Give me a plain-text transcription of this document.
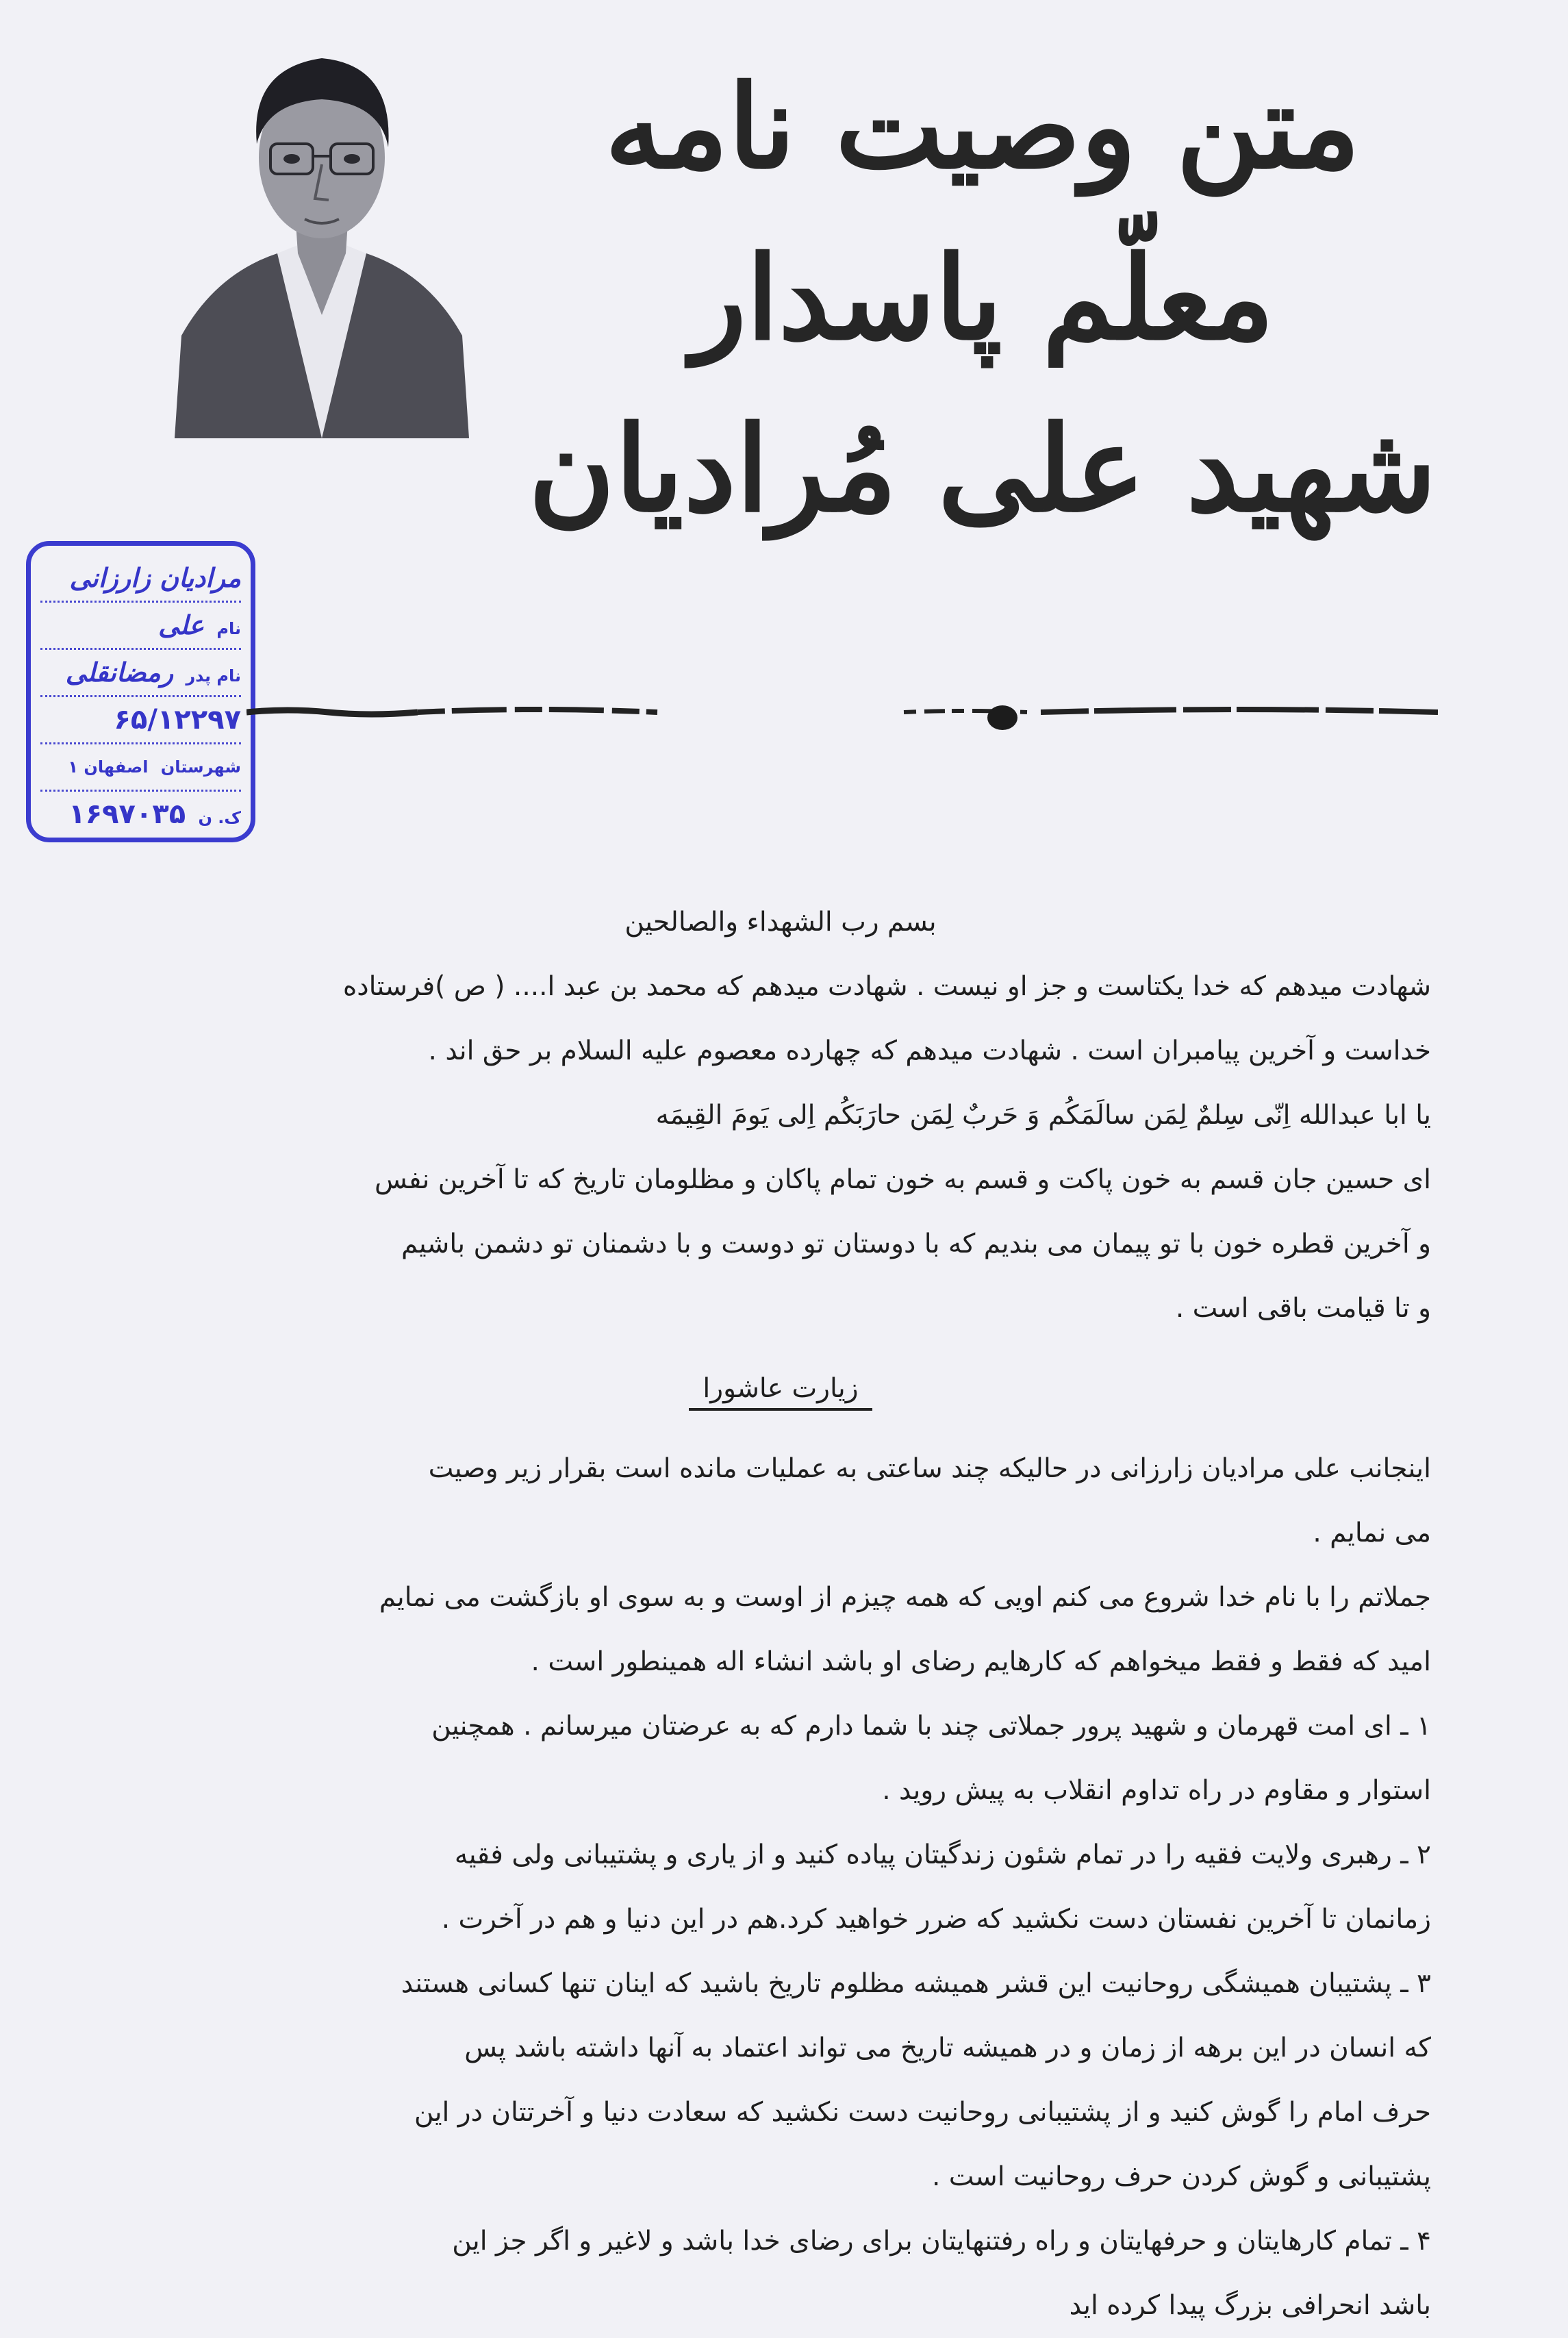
متن وصیت نامه معلّم پاسدار
شهید علی مُرادیان
مرادیان زارزانی
نام علی
نام پدر رمضانقلی
۶۵/۱۲۲۹۷
شهرستان اصفهان ۱
ک. ن ۱۶۹۷۰۳۵

بسم رب الشهداء والصالحین

شهادت میدهم که خدا یکتاست و جز او نیست . شهادت میدهم که محمد بن عبد ا.... ( ص )فرستاده

خداست و آخرین پیامبران است . شهادت میدهم که چهارده معصوم علیه السلام بر حق اند .

یا ابا عبدالله اِنّی سِلمٌ لِمَن سالَمَکُم وَ حَربٌ لِمَن حارَبَکُم اِلی یَومَ القِیمَه

ای حسین جان قسم به خون پاکت و قسم به خون تمام پاکان و مظلومان تاریخ که تا آخرین نفس

و آخرین قطره خون با تو پیمان می بندیم که با دوستان تو دوست و با دشمنان تو دشمن باشیم

و تا قیامت باقی است .

زیارت عاشورا

اینجانب علی مرادیان زارزانی در حالیکه چند ساعتی به عملیات مانده است بقرار زیر وصیت

می نمایم .

جملاتم را با نام خدا شروع می کنم اویی که همه چیزم از اوست و به سوی او بازگشت می نمایم

امید که فقط و فقط میخواهم که کارهایم رضای او باشد انشاء اله همینطور است .

۱ ـ ای امت قهرمان و شهید پرور جملاتی چند با شما دارم که به عرضتان میرسانم . همچنین

استوار و مقاوم در راه تداوم انقلاب به پیش روید .

۲ ـ رهبری ولایت فقیه را در تمام شئون زندگیتان پیاده کنید و از یاری و پشتیبانی ولی فقیه

زمانمان تا آخرین نفستان دست نکشید که ضرر خواهید کرد.هم در این دنیا و هم در آخرت .

۳ ـ پشتیبان همیشگی روحانیت این قشر همیشه مظلوم تاریخ باشید که اینان تنها کسانی هستند

که انسان در این برهه از زمان و در همیشه تاریخ می تواند اعتماد به آنها داشته باشد پس

حرف امام را گوش کنید و از پشتیبانی روحانیت دست نکشید که سعادت دنیا و آخرتتان در این

پشتیبانی و گوش کردن حرف روحانیت است .

۴ ـ تمام کارهایتان و حرفهایتان و راه رفتنهایتان برای رضای خدا باشد و لاغیر و اگر جز این

باشد انحرافی بزرگ پیدا کرده اید
